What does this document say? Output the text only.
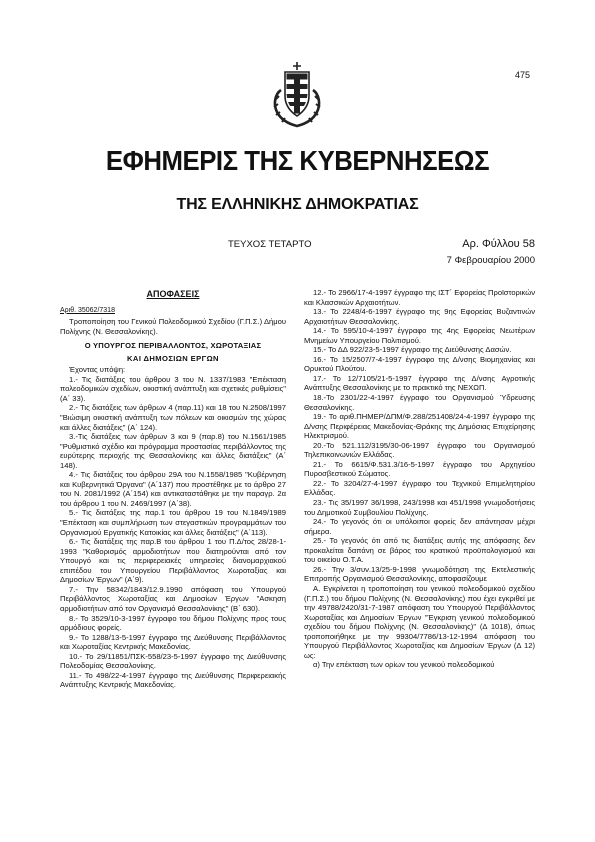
475
ΕΦΗΜΕΡΙΣ ΤΗΣ ΚΥΒΕΡΝΗΣΕΩΣ
ΤΗΣ ΕΛΛΗΝΙΚΗΣ ΔΗΜΟΚΡΑΤΙΑΣ
ΤΕΥΧΟΣ ΤΕΤΑΡΤΟ	Αρ. Φύλλου 58
7 Φεβρουαρίου 2000

ΑΠΟΦΑΣΕΙΣ

Αριθ. 35062/7318

Τροποποίηση του Γενικού Πολεοδομικού Σχεδίου (Γ.Π.Σ.) Δήμου Πολίχνης (Ν. Θεσσαλονίκης).

Ο ΥΠΟΥΡΓΟΣ ΠΕΡΙΒΑΛΛΟΝΤΟΣ, ΧΩΡΟΤΑΞΙΑΣ

ΚΑΙ ΔΗΜΟΣΙΩΝ ΕΡΓΩΝ

Έχοντας υπόψη:

1.- Τις διατάξεις του άρθρου 3 του Ν. 1337/1983 "Επέκταση πολεοδομικών σχεδίων, οικιστική ανάπτυξη και σχετικές ρυθμίσεις" (Α΄ 33).

2.- Τις διατάξεις των άρθρων 4 (παρ.11) και 18 του Ν.2508/1997 "Βιώσιμη οικιστική ανάπτυξη των πόλεων και οικισμών της χώρας και άλλες διατάξεις" (Α΄ 124).

3.-Τις διατάξεις των άρθρων 3 και 9 (παρ.8) του Ν.1561/1985 "Ρυθμιστικό σχέδιο και πρόγραμμα προστασίας περιβάλλοντος της ευρύτερης περιοχής της Θεσσαλονίκης και άλλες διατάξεις" (Α΄ 148).

4.- Τις διατάξεις του άρθρου 29Α του Ν.1558/1985 "Κυβέρνηση και Κυβερνητικά Όργανα" (Α΄137) που προστέθηκε με το άρθρο 27 του Ν. 2081/1992 (Α΄154) και αντικαταστάθηκε με την παραγρ. 2α του άρθρου 1 του Ν. 2469/1997 (Α΄38).

5.- Τις διατάξεις της παρ.1 του άρθρου 19 του Ν.1849/1989 "Επέκταση και συμπλήρωση των στεγαστικών προγραμμάτων του Οργανισμού Εργατικής Κατοικίας και άλλες διατάξεις" (Α΄113).

6.- Τις διατάξεις της παρ.Β του άρθρου 1 του Π.Δ/τος 28/28-1-1993 "Καθορισμός αρμοδιοτήτων που διατηρούνται από τον Υπουργό και τις περιφερειακές υπηρεσίες διανομαρχιακού επιπέδου του Υπουργείου Περιβάλλοντος Χωροταξίας και Δημοσίων Έργων" (Α΄9).

7.- Την 58342/1843/12.9.1990 απόφαση του Υπουργού Περιβάλλοντος Χωροταξίας και Δημοσίων Έργων "Ασκηση αρμοδιοτήτων από τον Οργανισμό Θεσσαλονίκης" (Β΄ 630).

8.- Το 3529/10-3-1997 έγγραφο του δήμου Πολίχνης προς τους αρμόδιους φορείς.

9.- Το 1288/13-5-1997 έγγραφο της Διεύθυνσης Περιβάλλοντος και Χωροταξίας Κεντρικής Μακεδονίας.

10.- Το 29/11851/ΠΣΚ-558/23-5-1997 έγγραφο της Διεύθυνσης Πολεοδομίας Θεσσαλονίκης.

11.- Το 498/22-4-1997 έγγραφο της Διεύθυνσης Περιφερειακής Ανάπτυξης Κεντρικής Μακεδονίας.

12.- Το 2966/17-4-1997 έγγραφο της ΙΣΤ΄ Εφορείας Προϊστορικών και Κλασσικών Αρχαιοτήτων.

13.- Το 2248/4-6-1997 έγγραφο της 9ης Εφορείας Βυζαντινών Αρχαιοτήτων Θεσσαλονίκης.

14.- Το 595/10-4-1997 έγγραφο της 4ης Εφορείας Νεωτέρων Μνημείων Υπουργείου Πολιτισμού.

15.- Το ΔΔ 922/23-5-1997 έγγραφο της Διεύθυνσης Δασών.

16.- Το 15/2507/7-4-1997 έγγραφο της Δ/νσης Βιομηχανίας και Ορυκτού Πλούτου.

17.- Το 12/7105/21-5-1997 έγγραφο της Δ/νσης Αγροτικής Ανάπτυξης Θεσσαλονίκης με το πρακτικό της ΝΕΧΩΠ.

18.-Το 2301/22-4-1997 έγγραφο του Οργανισμού Ύδρευσης Θεσσαλονίκης.

19.- Το αριθ.ΠΗΜΕΡ/ΔΠΜ/Φ.288/251408/24-4-1997 έγγραφο της Δ/νσης Περιφέρειας Μακεδονίας-Θράκης της Δημόσιας Επιχείρησης Ηλεκτρισμού.

20.-Το 521.112/3195/30-06-1997 έγγραφο του Οργανισμού Τηλεπικοινωνιών Ελλάδας.

21.- Το 6615/Φ.531.3/16-5-1997 έγγραφο του Αρχηγείου Πυροσβεστικού Σώματος.

22.- Το 3204/27-4-1997 έγγραφο του Τεχνικού Επιμελητηρίου Ελλάδας.

23.- Τις 35/1997 36/1998, 243/1998 και 451/1998 γνωμοδοτήσεις του Δημοτικού Συμβουλίου Πολίχνης.

24.- Το γεγονός ότι οι υπόλοιποι φορείς δεν απάντησαν μέχρι σήμερα.

25.- Το γεγονός ότι από τις διατάξεις αυτής της απόφασης δεν προκαλείται δαπάνη σε βάρος του κρατικού προϋπολογισμού και του οικείου Ο.Τ.Α.

26.- Την 3/συν.13/25-9-1998 γνωμοδότηση της Εκτελεστικής Επιτροπής Οργανισμού Θεσσαλονίκης, αποφασίζουμε

Α. Εγκρίνεται η τροποποίηση του γενικού πολεοδομικού σχεδίου (Γ.Π.Σ.) του δήμου Πολίχνης (Ν. Θεσσαλονίκης) που έχει εγκριθεί με την 49788/2420/31-7-1987 απόφαση του Υπουργού Περιβάλλοντος Χωροταξίας και Δημοσίων Έργων "Έγκριση γενικού πολεοδομικού σχεδίου του δήμου Πολίχνης (Ν. Θεσσαλονίκης)" (Δ 1018), όπως τροποποιήθηκε με την 99304/7786/13-12-1994 απόφαση του Υπουργού Περιβάλλοντος Χωροταξίας και Δημοσίων Έργων (Δ 12) ως:

α) Την επέκταση των ορίων του γενικού πολεοδομικού
